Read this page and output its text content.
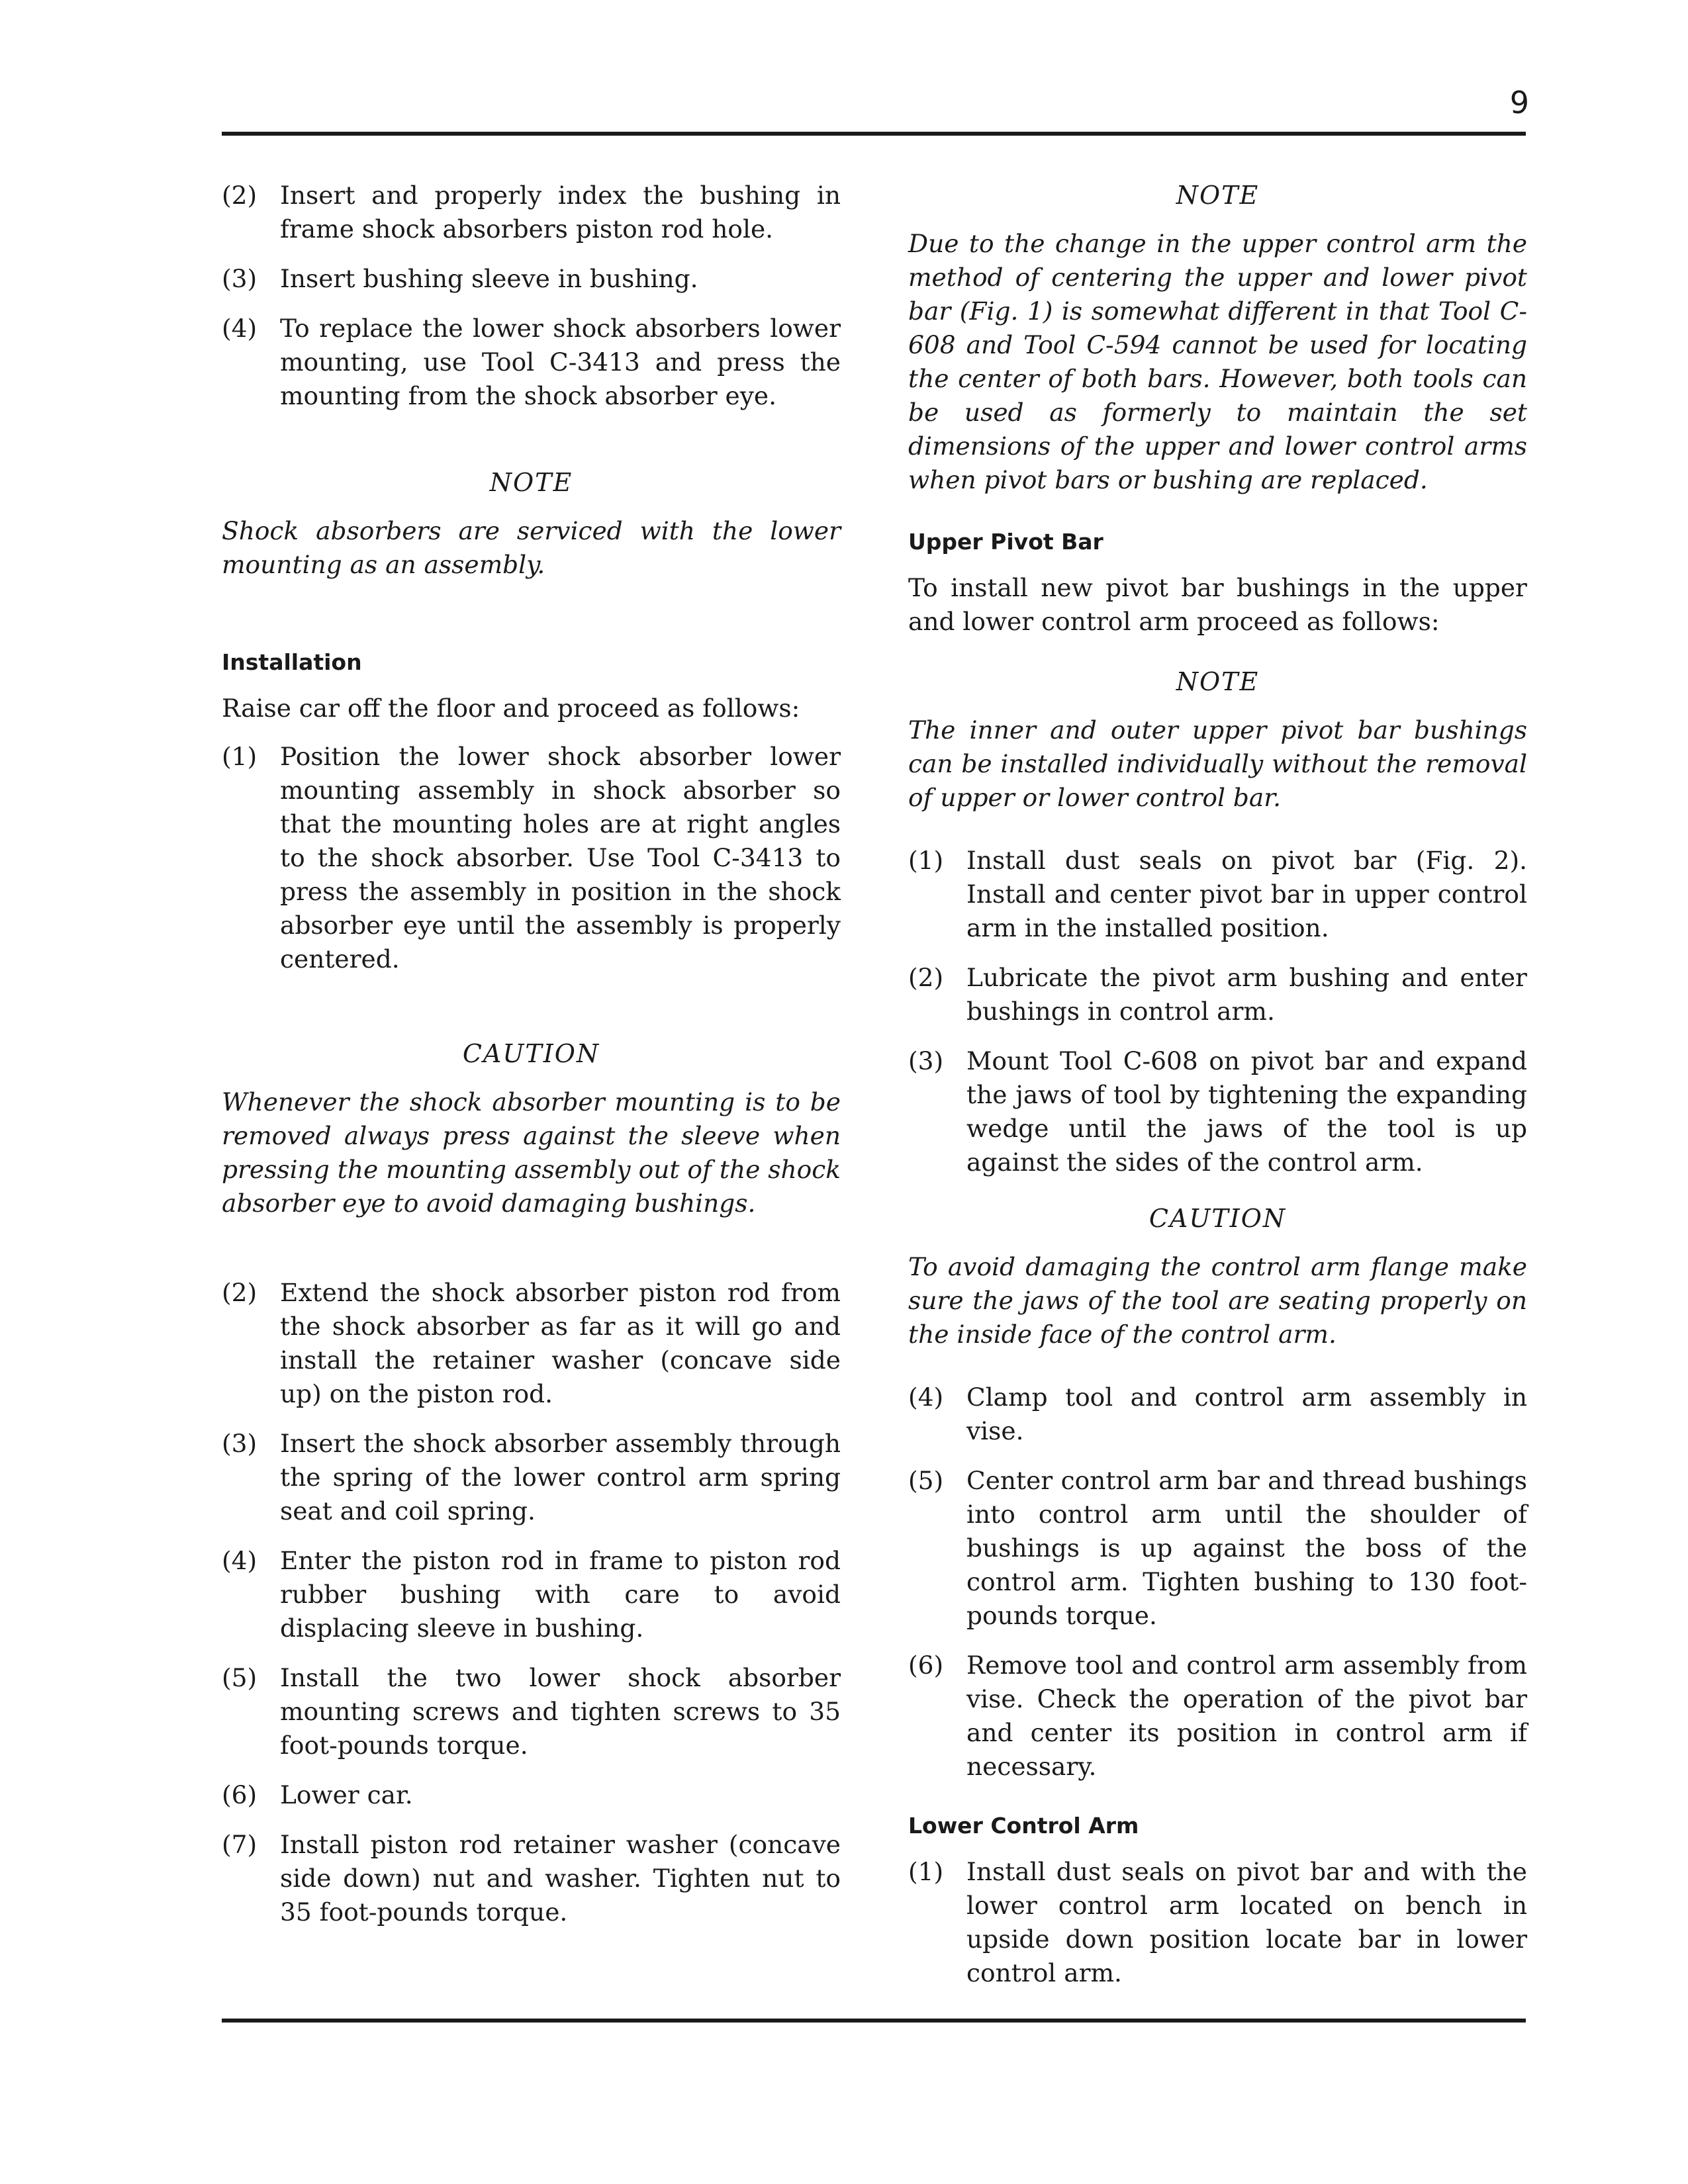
9
(2) Insert and properly index the bushing in frame shock absorbers piston rod hole.
(3) Insert bushing sleeve in bushing.
(4) To replace the lower shock absorbers lower mounting, use Tool C-3413 and press the mounting from the shock absorber eye.

NOTE

Shock absorbers are serviced with the lower mounting as an assembly.

Installation

Raise car off the floor and proceed as follows:

(1) Position the lower shock absorber lower mounting assembly in shock absorber so that the mounting holes are at right angles to the shock absorber. Use Tool C-3413 to press the assembly in position in the shock absorber eye until the assembly is properly centered.

CAUTION

Whenever the shock absorber mounting is to be removed always press against the sleeve when pressing the mounting assembly out of the shock absorber eye to avoid damaging bushings.

(2) Extend the shock absorber piston rod from the shock absorber as far as it will go and install the retainer washer (concave side up) on the piston rod.
(3) Insert the shock absorber assembly through the spring of the lower control arm spring seat and coil spring.
(4) Enter the piston rod in frame to piston rod rubber bushing with care to avoid displacing sleeve in bushing.
(5) Install the two lower shock absorber mounting screws and tighten screws to 35 foot-pounds torque.
(6) Lower car.
(7) Install piston rod retainer washer (concave side down) nut and washer. Tighten nut to 35 foot-pounds torque.

NOTE

Due to the change in the upper control arm the method of centering the upper and lower pivot bar (Fig. 1) is somewhat different in that Tool C-608 and Tool C-594 cannot be used for locating the center of both bars. However, both tools can be used as formerly to maintain the set dimensions of the upper and lower control arms when pivot bars or bushing are replaced.

Upper Pivot Bar

To install new pivot bar bushings in the upper and lower control arm proceed as follows:

NOTE

The inner and outer upper pivot bar bushings can be installed individually without the removal of upper or lower control bar.

(1) Install dust seals on pivot bar (Fig. 2). Install and center pivot bar in upper control arm in the installed position.
(2) Lubricate the pivot arm bushing and enter bushings in control arm.
(3) Mount Tool C-608 on pivot bar and expand the jaws of tool by tightening the expanding wedge until the jaws of the tool is up against the sides of the control arm.

CAUTION

To avoid damaging the control arm flange make sure the jaws of the tool are seating properly on the inside face of the control arm.

(4) Clamp tool and control arm assembly in vise.
(5) Center control arm bar and thread bushings into control arm until the shoulder of bushings is up against the boss of the control arm. Tighten bushing to 130 foot-pounds torque.
(6) Remove tool and control arm assembly from vise. Check the operation of the pivot bar and center its position in control arm if necessary.

Lower Control Arm

(1) Install dust seals on pivot bar and with the lower control arm located on bench in upside down position locate bar in lower control arm.
